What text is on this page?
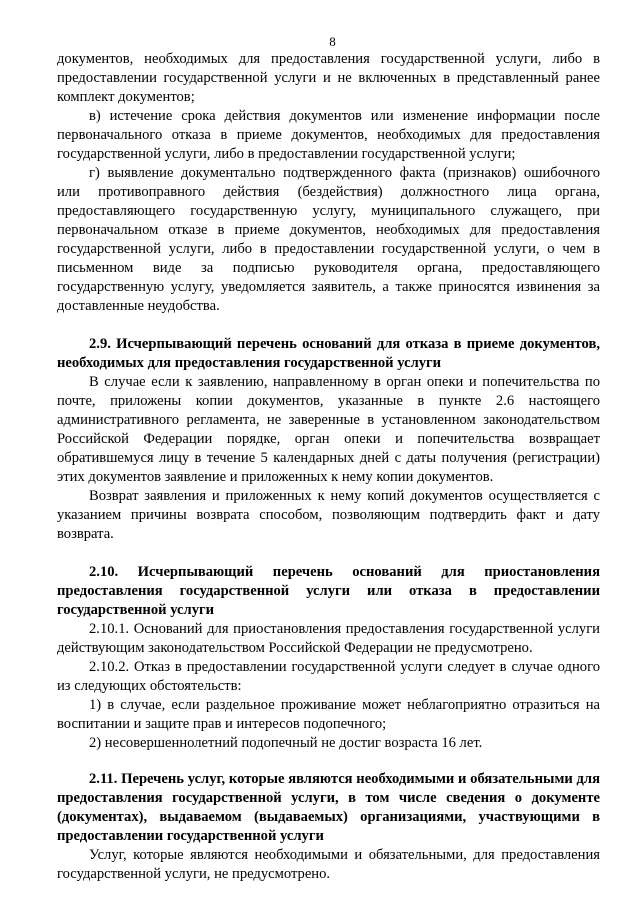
8

документов, необходимых для предоставления государственной услуги, либо в предоставлении государственной услуги и не включенных в представленный ранее комплект документов;

в) истечение срока действия документов или изменение информации после первоначального отказа в приеме документов, необходимых для предоставления государственной услуги, либо в предоставлении государственной услуги;

г) выявление документально подтвержденного факта (признаков) ошибочного или противоправного действия (бездействия) должностного лица органа, предоставляющего государственную услугу, муниципального служащего, при первоначальном отказе в приеме документов, необходимых для предоставления государственной услуги, либо в предоставлении государственной услуги, о чем в письменном виде за подписью руководителя органа, предоставляющего государственную услугу, уведомляется заявитель, а также приносятся извинения за доставленные неудобства.

2.9. Исчерпывающий перечень оснований для отказа в приеме документов, необходимых для предоставления государственной услуги

В случае если к заявлению, направленному в орган опеки и попечительства по почте, приложены копии документов, указанные в пункте 2.6 настоящего административного регламента, не заверенные в установленном законодательством Российской Федерации порядке, орган опеки и попечительства возвращает обратившемуся лицу в течение 5 календарных дней с даты получения (регистрации) этих документов заявление и приложенных к нему копии документов.

Возврат заявления и приложенных к нему копий документов осуществляется с указанием причины возврата способом, позволяющим подтвердить факт и дату возврата.

2.10. Исчерпывающий перечень оснований для приостановления предоставления государственной услуги или отказа в предоставлении государственной услуги

2.10.1. Оснований для приостановления предоставления государственной услуги действующим законодательством Российской Федерации не предусмотрено.

2.10.2. Отказ в предоставлении государственной услуги следует в случае одного из следующих обстоятельств:

1) в случае, если раздельное проживание может неблагоприятно отразиться на воспитании и защите прав и интересов подопечного;

2) несовершеннолетний подопечный не достиг возраста 16 лет.

2.11. Перечень услуг, которые являются необходимыми и обязательными для предоставления государственной услуги, в том числе сведения о документе (документах), выдаваемом (выдаваемых) организациями, участвующими в предоставлении государственной услуги

Услуг, которые являются необходимыми и обязательными, для предоставления государственной услуги, не предусмотрено.
